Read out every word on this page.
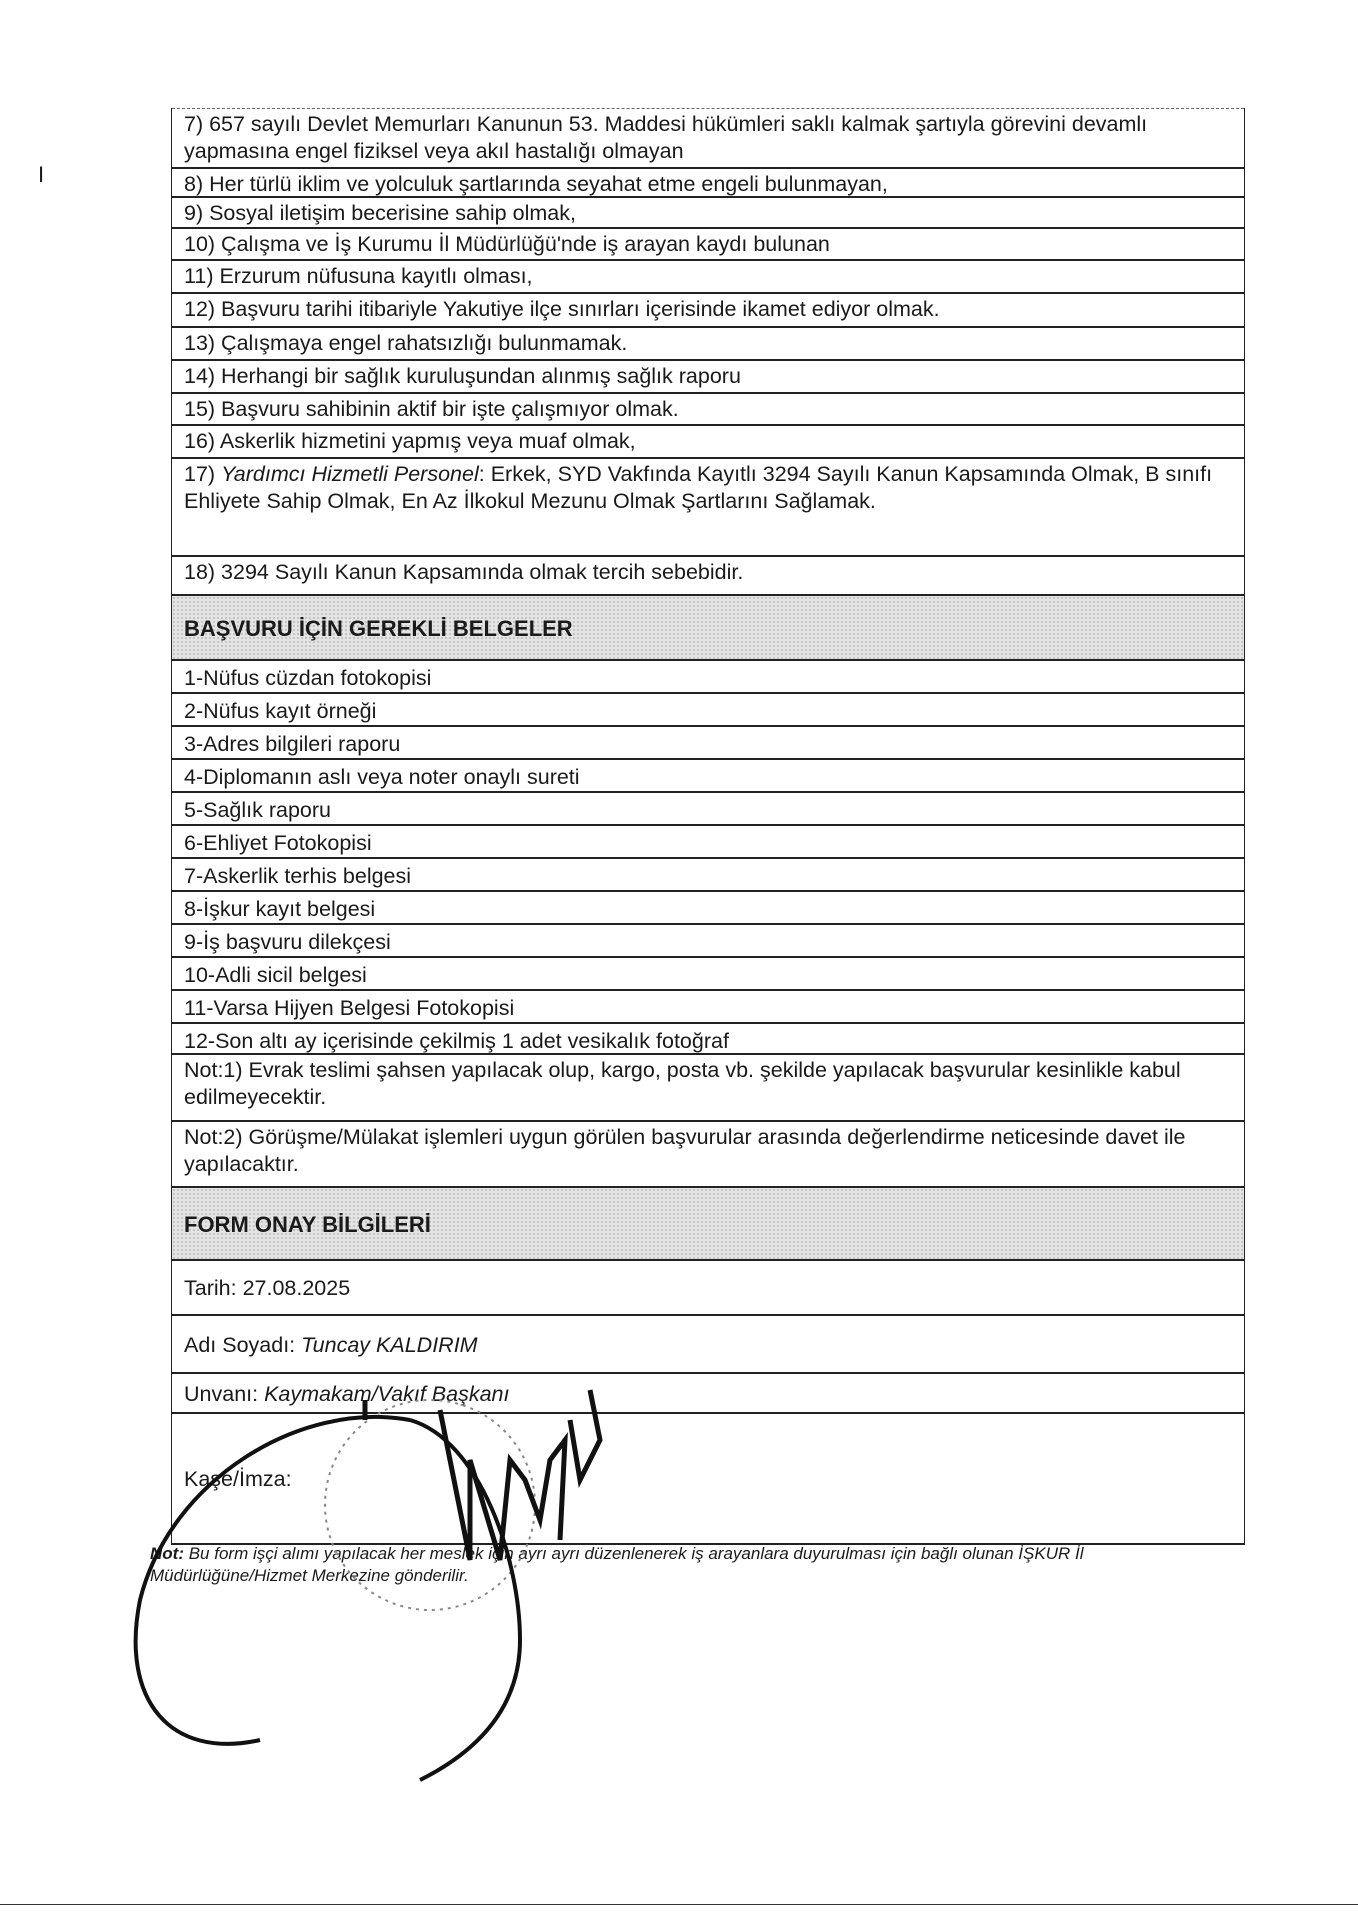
I
7) 657 sayılı Devlet Memurları Kanunun 53. Maddesi hükümleri saklı kalmak şartıyla görevini devamlı yapmasına engel fiziksel veya akıl hastalığı olmayan
8) Her türlü iklim ve yolculuk şartlarında seyahat etme engeli bulunmayan,
9) Sosyal iletişim becerisine sahip olmak,
10) Çalışma ve İş Kurumu İl Müdürlüğü'nde iş arayan kaydı bulunan
11) Erzurum nüfusuna kayıtlı olması,
12) Başvuru tarihi itibariyle Yakutiye ilçe sınırları içerisinde ikamet ediyor olmak.
13) Çalışmaya engel rahatsızlığı bulunmamak.
14) Herhangi bir sağlık kuruluşundan alınmış sağlık raporu
15) Başvuru sahibinin aktif bir işte çalışmıyor olmak.
16) Askerlik hizmetini yapmış veya muaf olmak,
17) Yardımcı Hizmetli Personel: Erkek, SYD Vakfında Kayıtlı 3294 Sayılı Kanun Kapsamında Olmak, B sınıfı Ehliyete Sahip Olmak, En Az İlkokul Mezunu Olmak Şartlarını Sağlamak.
18) 3294 Sayılı Kanun Kapsamında olmak tercih sebebidir.
BAŞVURU İÇİN GEREKLİ BELGELER
1-Nüfus cüzdan fotokopisi
2-Nüfus kayıt örneği
3-Adres bilgileri raporu
4-Diplomanın aslı veya noter onaylı sureti
5-Sağlık raporu
6-Ehliyet Fotokopisi
7-Askerlik terhis belgesi
8-İşkur kayıt belgesi
9-İş başvuru dilekçesi
10-Adli sicil belgesi
11-Varsa Hijyen Belgesi Fotokopisi
12-Son altı ay içerisinde çekilmiş 1 adet vesikalık fotoğraf
Not:1) Evrak teslimi şahsen yapılacak olup, kargo, posta vb. şekilde yapılacak başvurular kesinlikle kabul edilmeyecektir.
Not:2) Görüşme/Mülakat işlemleri uygun görülen başvurular arasında değerlendirme neticesinde davet ile yapılacaktır.
FORM ONAY BİLGİLERİ
Tarih:
27.08.2025
Adı Soyadı:
Tuncay KALDIRIM
Unvanı:
Kaymakam/Vakıf Başkanı
Kaşe/İmza:
Not: Bu form işçi alımı yapılacak her meslek için ayrı ayrı düzenlenerek iş arayanlara duyurulması için bağlı olunan İŞKUR İl Müdürlüğüne/Hizmet Merkezine gönderilir.
